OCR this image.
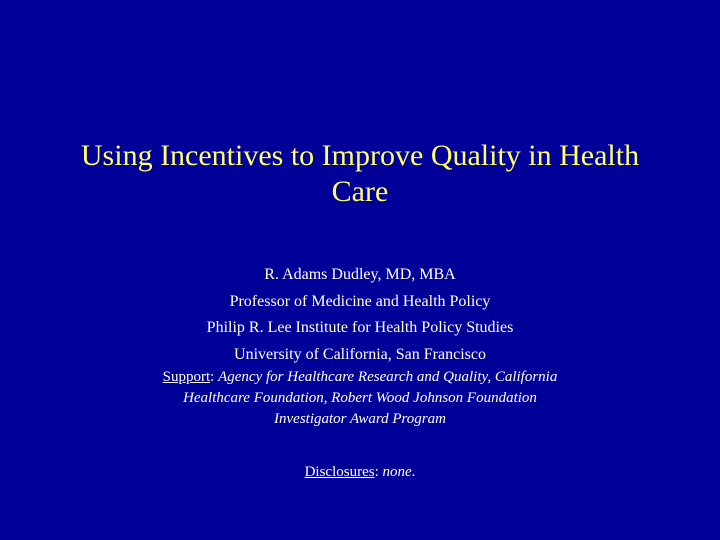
Using Incentives to Improve Quality in Health
Care
R. Adams Dudley, MD, MBA
Professor of Medicine and Health Policy
Philip R. Lee Institute for Health Policy Studies
University of California, San Francisco
Support: Agency for Healthcare Research and Quality, California
Healthcare Foundation, Robert Wood Johnson Foundation
Investigator Award Program
Disclosures: none.
